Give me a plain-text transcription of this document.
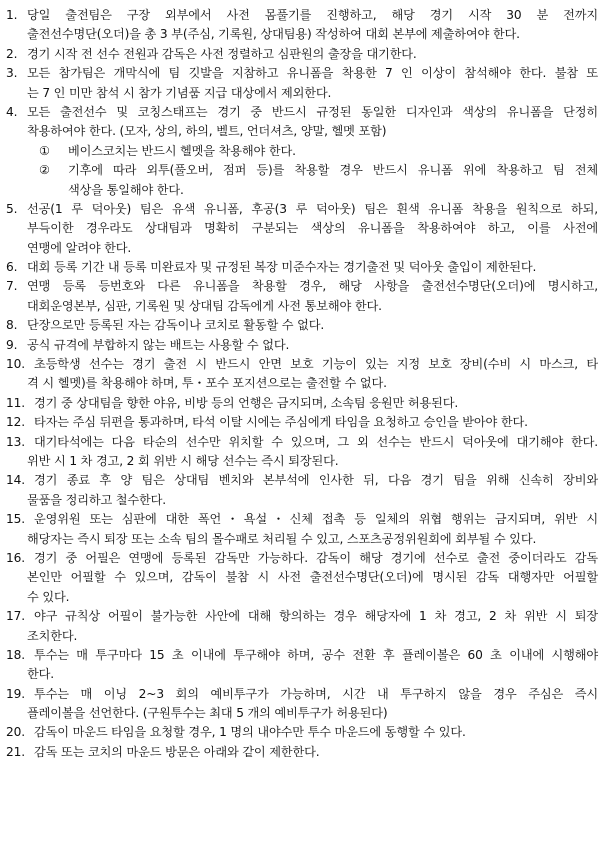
1. 당일 출전팀은 구장 외부에서 사전 몸풀기를 진행하고, 해당 경기 시작 30 분 전까지
출전선수명단(오더)을 총 3 부(주심, 기록원, 상대팀용) 작성하여 대회 본부에 제출하여야 한다.
2. 경기 시작 전 선수 전원과 감독은 사전 정렬하고 심판원의 출장을 대기한다.
3. 모든 참가팀은 개막식에 팀 깃발을 지참하고 유니폼을 착용한 7 인 이상이 참석해야 한다. 불참 또
는 7 인 미만 참석 시 참가 기념품 지급 대상에서 제외한다.
4. 모든 출전선수 및 코칭스태프는 경기 중 반드시 규정된 동일한 디자인과 색상의 유니폼을 단정히
착용하여야 한다. (모자, 상의, 하의, 벨트, 언더셔츠, 양말, 헬멧 포함)
① 베이스코치는 반드시 헬멧을 착용해야 한다.
② 기후에 따라 외투(풀오버, 점퍼 등)를 착용할 경우 반드시 유니폼 위에 착용하고 팀 전체
색상을 통일해야 한다.
5. 선공(1 루 덕아웃) 팀은 유색 유니폼, 후공(3 루 덕아웃) 팀은 흰색 유니폼 착용을 원칙으로 하되,
부득이한 경우라도 상대팀과 명확히 구분되는 색상의 유니폼을 착용하여야 하고, 이를 사전에
연맹에 알려야 한다.
6. 대회 등록 기간 내 등록 미완료자 및 규정된 복장 미준수자는 경기출전 및 덕아웃 출입이 제한된다.
7. 연맹 등록 등번호와 다른 유니폼을 착용할 경우, 해당 사항을 출전선수명단(오더)에 명시하고,
대회운영본부, 심판, 기록원 및 상대팀 감독에게 사전 통보해야 한다.
8. 단장으로만 등록된 자는 감독이나 코치로 활동할 수 없다.
9. 공식 규격에 부합하지 않는 배트는 사용할 수 없다.
10. 초등학생 선수는 경기 출전 시 반드시 안면 보호 기능이 있는 지정 보호 장비(수비 시 마스크, 타
격 시 헬멧)를 착용해야 하며, 투・포수 포지션으로는 출전할 수 없다.
11. 경기 중 상대팀을 향한 야유, 비방 등의 언행은 금지되며, 소속팀 응원만 허용된다.
12. 타자는 주심 뒤편을 통과하며, 타석 이탈 시에는 주심에게 타임을 요청하고 승인을 받아야 한다.
13. 대기타석에는 다음 타순의 선수만 위치할 수 있으며, 그 외 선수는 반드시 덕아웃에 대기해야 한다.
위반 시 1 차 경고, 2 회 위반 시 해당 선수는 즉시 퇴장된다.
14. 경기 종료 후 양 팀은 상대팀 벤치와 본부석에 인사한 뒤, 다음 경기 팀을 위해 신속히 장비와
물품을 정리하고 철수한다.
15. 운영위원 또는 심판에 대한 폭언・욕설・신체 접촉 등 일체의 위협 행위는 금지되며, 위반 시
해당자는 즉시 퇴장 또는 소속 팀의 몰수패로 처리될 수 있고, 스포츠공정위원회에 회부될 수 있다.
16. 경기 중 어필은 연맹에 등록된 감독만 가능하다. 감독이 해당 경기에 선수로 출전 중이더라도 감독
본인만 어필할 수 있으며, 감독이 불참 시 사전 출전선수명단(오더)에 명시된 감독 대행자만 어필할
수 있다.
17. 야구 규칙상 어필이 불가능한 사안에 대해 항의하는 경우 해당자에 1 차 경고, 2 차 위반 시 퇴장
조치한다.
18. 투수는 매 투구마다 15 초 이내에 투구해야 하며, 공수 전환 후 플레이볼은 60 초 이내에 시행해야
한다.
19. 투수는 매 이닝 2~3 회의 예비투구가 가능하며, 시간 내 투구하지 않을 경우 주심은 즉시
플레이볼을 선언한다. (구원투수는 최대 5 개의 예비투구가 허용된다)
20. 감독이 마운드 타임을 요청할 경우, 1 명의 내야수만 투수 마운드에 동행할 수 있다.
21. 감독 또는 코치의 마운드 방문은 아래와 같이 제한한다.
